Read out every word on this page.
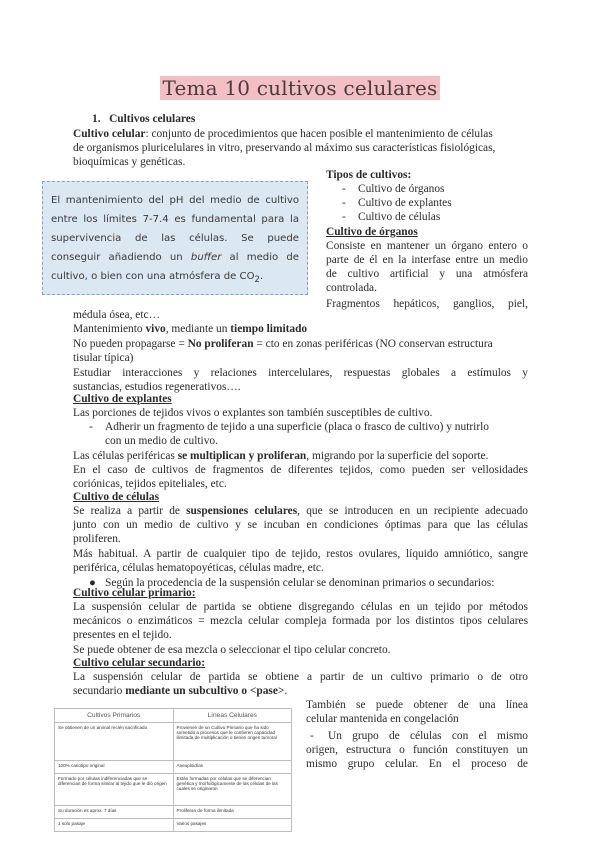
Tema 10 cultivos celulares
1.   Cultivos celulares
Cultivo celular: conjunto de procedimientos que hacen posible el mantenimiento de células
de organismos pluricelulares in vitro, preservando al máximo sus características fisiológicas,
bioquímicas y genéticas.
El mantenimiento del pH del medio de cultivo entre los límites 7-7.4 es fundamental para la supervivencia de las células. Se puede conseguir añadiendo un buffer al medio de cultivo, o bien con una atmósfera de $CO_2$.
Tipos de cultivos:
- Cultivo de órganos
- Cultivo de explantes
- Cultivo de células
Cultivo de órganos
Consiste en mantener un órgano entero o
parte de él en la interfase entre un medio
de cultivo artificial y una atmósfera
controlada.
Fragmentos hepáticos, ganglios, piel,
médula ósea, etc…
Mantenimiento vivo, mediante un tiempo limitado
No pueden propagarse = No proliferan = cto en zonas periféricas (NO conservan estructura
tisular típica)
Estudiar interacciones y relaciones intercelulares, respuestas globales a estímulos y
sustancias, estudios regenerativos….
Cultivo de explantes
Las porciones de tejidos vivos o explantes son también susceptibles de cultivo.
- Adherir un fragmento de tejido a una superficie (placa o frasco de cultivo) y nutrirlo
con un medio de cultivo.
Las células periféricas se multiplican y proliferan, migrando por la superficie del soporte.
En el caso de cultivos de fragmentos de diferentes tejidos, como pueden ser vellosidades
coriónicas, tejidos epiteliales, etc.
Cultivo de células
Se realiza a partir de suspensiones celulares, que se introducen en un recipiente adecuado
junto con un medio de cultivo y se incuban en condiciones óptimas para que las células
proliferen.
Más habitual. A partir de cualquier tipo de tejido, restos ovulares, líquido amniótico, sangre
periférica, células hematopoyéticas, células madre, etc.
● Según la procedencia de la suspensión celular se denominan primarios o secundarios:
Cultivo celular primario:
La suspensión celular de partida se obtiene disgregando células en un tejido por métodos
mecánicos o enzimáticos = mezcla celular compleja formada por los distintos tipos celulares
presentes en el tejido.
Se puede obtener de esa mezcla o seleccionar el tipo celular concreto.
Cultivo celular secundario:
La suspensión celular de partida se obtiene a partir de un cultivo primario o de otro
secundario mediante un subcultivo o <pase>.
También se puede obtener de una línea
celular mantenida en congelación
- Un grupo de células con el mismo
origen, estructura o función constituyen un
mismo grupo celular. En el proceso de
Cultivos Primarios	Líneas Celulares
Se obtienen de un animal recién sacrificado	Provienen de un Cultivo Primario que ha sido sometido a procesos que le confieren capacidad ilimitada de multiplicación o tienen origen tumoral
100% cariotipo original	Aneuploidías
Formado por células indiferenciadas que se diferencian de forma similar al tejido que le dió origen	Están formadas por células que se diferencian genética y morfológicamente de las células de las cuales se originaron
Su duración es aprox. 7 días	Proliferan de forma ilimitada
1 solo pasaje	Varios pasajes
